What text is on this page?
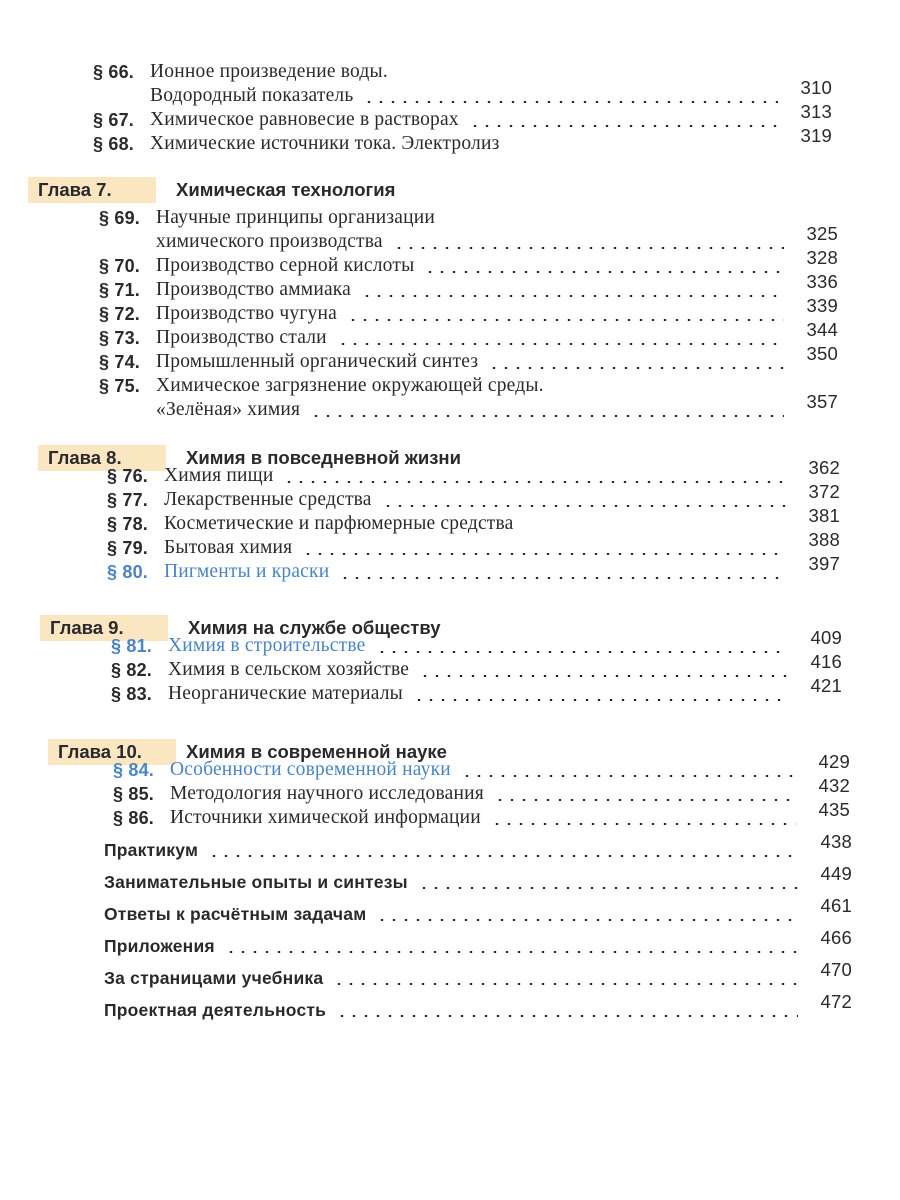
§ 66. Ионное произведение воды.
Водородный показатель	310
§ 67. Химическое равновесие в растворах	313
§ 68. Химические источники тока. Электролиз	319
Глава 7.	Химическая технология
§ 69. Научные принципы организации
химического производства	325
§ 70. Производство серной кислоты	328
§ 71. Производство аммиака	336
§ 72. Производство чугуна	339
§ 73. Производство стали	344
§ 74. Промышленный органический синтез	350
§ 75. Химическое загрязнение окружающей среды.
«Зелёная» химия	357
Глава 8.	Химия в повседневной жизни
§ 76. Химия пищи	362
§ 77. Лекарственные средства	372
§ 78. Косметические и парфюмерные средства	381
§ 79. Бытовая химия	388
§ 80. Пигменты и краски	397
Глава 9.	Химия на службе обществу
§ 81. Химия в строительстве	409
§ 82. Химия в сельском хозяйстве	416
§ 83. Неорганические материалы	421
Глава 10.	Химия в современной науке
§ 84. Особенности современной науки	429
§ 85. Методология научного исследования	432
§ 86. Источники химической информации	435
Практикум	438
Занимательные опыты и синтезы	449
Ответы к расчётным задачам	461
Приложения	466
За страницами учебника	470
Проектная деятельность	472
